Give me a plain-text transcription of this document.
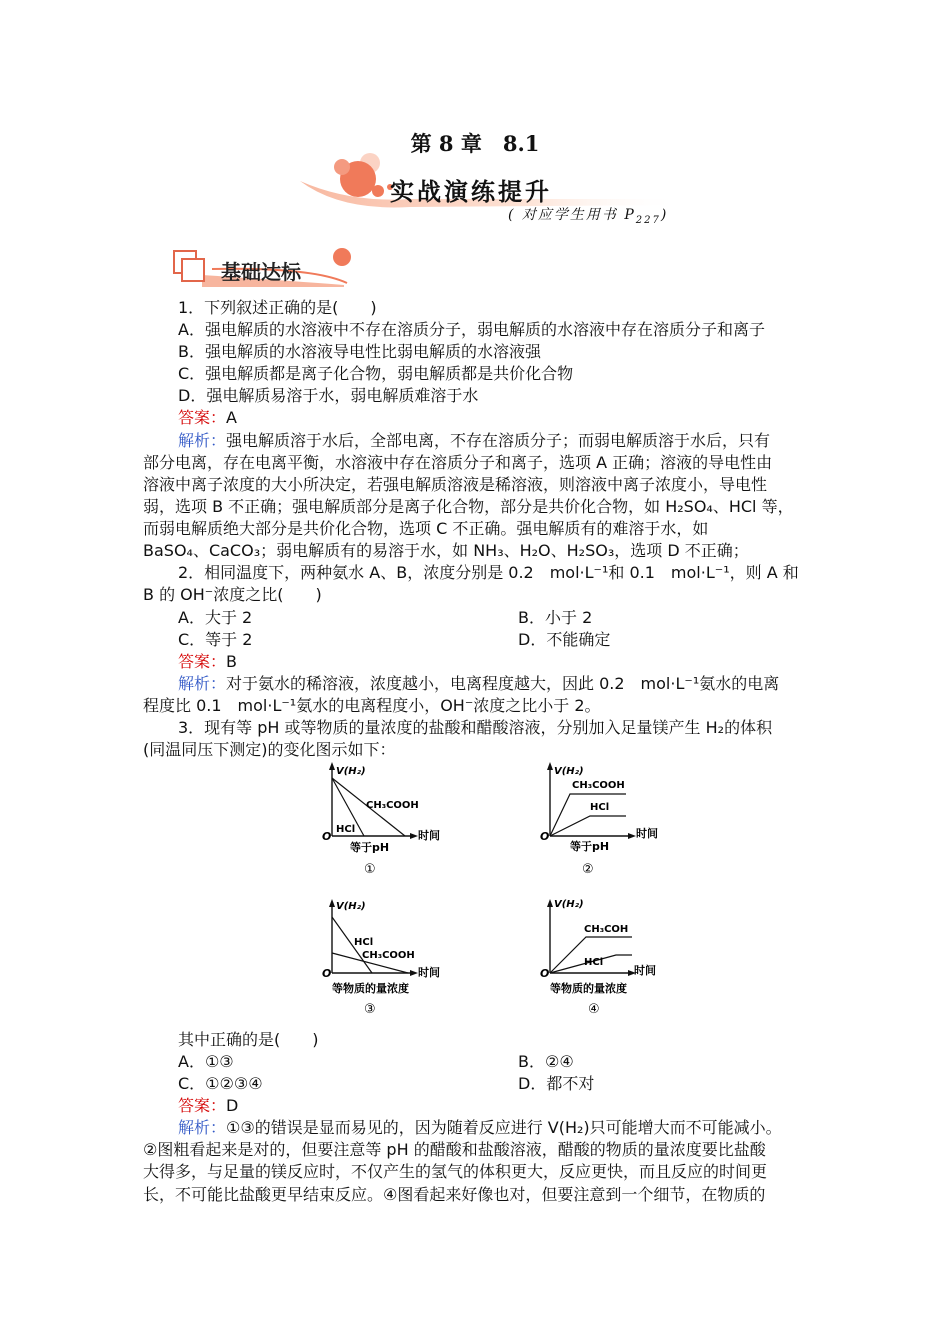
第 8 章　8.1
实战演练提升
( 对应学生用书 $P_{227}$)
基础达标
1．下列叙述正确的是(　　)
A．强电解质的水溶液中不存在溶质分子，弱电解质的水溶液中存在溶质分子和离子
B．强电解质的水溶液导电性比弱电解质的水溶液强
C．强电解质都是离子化合物，弱电解质都是共价化合物
D．强电解质易溶于水，弱电解质难溶于水
答案：A
解析：强电解质溶于水后，全部电离，不存在溶质分子；而弱电解质溶于水后，只有
部分电离，存在电离平衡，水溶液中存在溶质分子和离子，选项 A 正确；溶液的导电性由
溶液中离子浓度的大小所决定，若强电解质溶液是稀溶液，则溶液中离子浓度小，导电性
弱，选项 B 不正确；强电解质部分是离子化合物，部分是共价化合物，如 H₂SO₄、HCl 等，
而弱电解质绝大部分是共价化合物，选项 C 不正确。强电解质有的难溶于水，如
BaSO₄、CaCO₃；弱电解质有的易溶于水，如 NH₃、H₂O、H₂SO₃，选项 D 不正确；
2．相同温度下，两种氨水 A、B，浓度分别是 0.2　mol·L⁻¹和 0.1　mol·L⁻¹，则 A 和
B 的 OH⁻浓度之比(　　)
A．大于 2	B．小于 2
C．等于 2	D．不能确定
答案：B
解析：对于氨水的稀溶液，浓度越小，电离程度越大，因此 0.2　mol·L⁻¹氨水的电离
程度比 0.1　mol·L⁻¹氨水的电离程度小，OH⁻浓度之比小于 2。
3．现有等 pH 或等物质的量浓度的盐酸和醋酸溶液，分别加入足量镁产生 H₂的体积
(同温同压下测定)的变化图示如下：
V(H₂)
CH₃COOH
HCl
O	时间
等于pH
①
V(H₂)
CH₃COOH
HCl
O	时间
等于pH
②
V(H₂)
HCl
CH₃COOH
O	时间
等物质的量浓度
③
V(H₂)
CH₃COH
HCl
O	时间
等物质的量浓度
④
其中正确的是(　　)
A．①③	B．②④
C．①②③④	D．都不对
答案：D
解析：①③的错误是显而易见的，因为随着反应进行 V(H₂)只可能增大而不可能减小。
②图粗看起来是对的，但要注意等 pH 的醋酸和盐酸溶液，醋酸的物质的量浓度要比盐酸
大得多，与足量的镁反应时，不仅产生的氢气的体积更大，反应更快，而且反应的时间更
长，不可能比盐酸更早结束反应。④图看起来好像也对，但要注意到一个细节，在物质的
